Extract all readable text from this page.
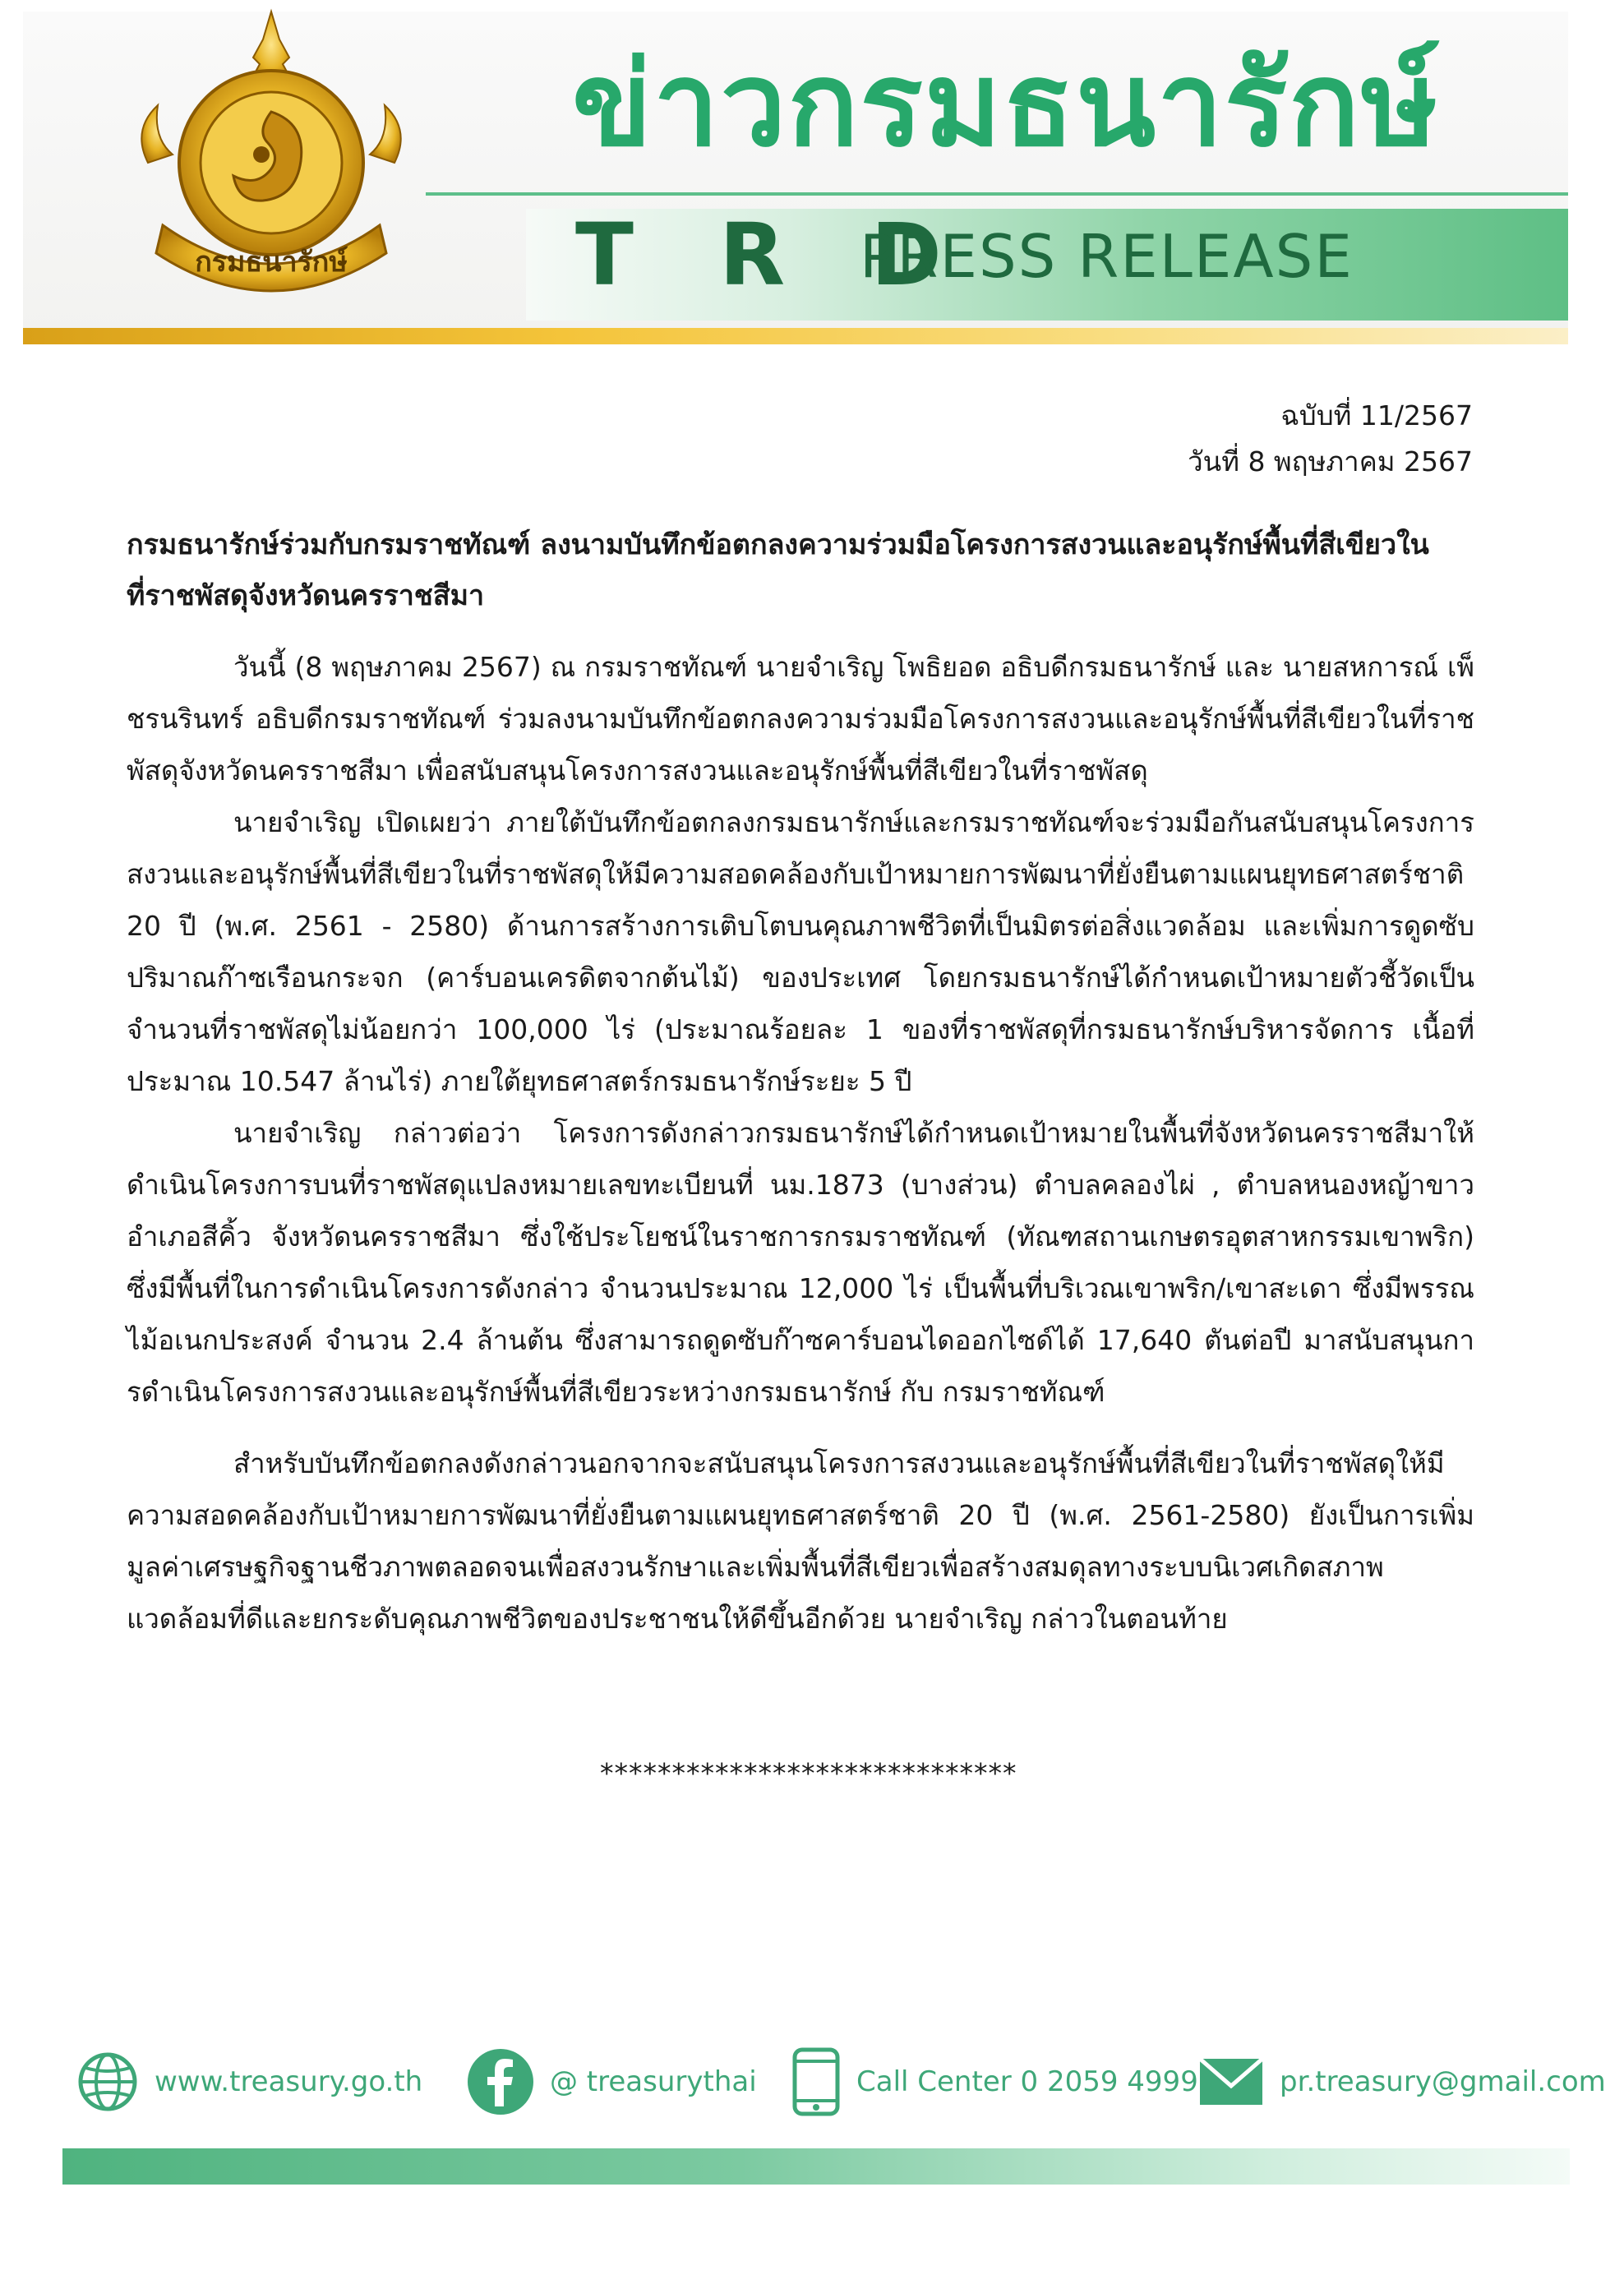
ข่าวกรมธนารักษ์
T R D
PRESS RELEASE
กรมธนารักษ์
ฉบับที่ 11/2567
วันที่ 8 พฤษภาคม 2567
กรมธนารักษ์ร่วมกับกรมราชทัณฑ์ ลงนามบันทึกข้อตกลงความร่วมมือโครงการสงวนและอนุรักษ์พื้นที่สีเขียวใน
ที่ราชพัสดุจังหวัดนครราชสีมา

วันนี้ (8 พฤษภาคม 2567) ณ กรมราชทัณฑ์ นายจำเริญ โพธิยอด อธิบดีกรมธนารักษ์ และ นายสหการณ์ เพ็ชรนรินทร์ อธิบดีกรมราชทัณฑ์ ร่วมลงนามบันทึกข้อตกลงความร่วมมือโครงการสงวนและอนุรักษ์พื้นที่สีเขียวในที่ราชพัสดุจังหวัดนครราชสีมา เพื่อสนับสนุนโครงการสงวนและอนุรักษ์พื้นที่สีเขียวในที่ราชพัสดุ

นายจำเริญ เปิดเผยว่า ภายใต้บันทึกข้อตกลงกรมธนารักษ์และกรมราชทัณฑ์จะร่วมมือกันสนับสนุนโครงการสงวนและอนุรักษ์พื้นที่สีเขียวในที่ราชพัสดุให้มีความสอดคล้องกับเป้าหมายการพัฒนาที่ยั่งยืนตามแผนยุทธศาสตร์ชาติ 20 ปี (พ.ศ. 2561 - 2580) ด้านการสร้างการเติบโตบนคุณภาพชีวิตที่เป็นมิตรต่อสิ่งแวดล้อม และเพิ่มการดูดซับปริมาณก๊าซเรือนกระจก (คาร์บอนเครดิตจากต้นไม้) ของประเทศ โดยกรมธนารักษ์ได้กำหนดเป้าหมายตัวชี้วัดเป็นจำนวนที่ราชพัสดุไม่น้อยกว่า 100,000 ไร่ (ประมาณร้อยละ 1 ของที่ราชพัสดุที่กรมธนารักษ์บริหารจัดการ เนื้อที่ประมาณ 10.547 ล้านไร่) ภายใต้ยุทธศาสตร์กรมธนารักษ์ระยะ 5 ปี

นายจำเริญ กล่าวต่อว่า โครงการดังกล่าวกรมธนารักษ์ได้กำหนดเป้าหมายในพื้นที่จังหวัดนครราชสีมาให้ดำเนินโครงการบนที่ราชพัสดุแปลงหมายเลขทะเบียนที่ นม.1873 (บางส่วน) ตำบลคลองไผ่ , ตำบลหนองหญ้าขาว อำเภอสีคิ้ว จังหวัดนครราชสีมา ซึ่งใช้ประโยชน์ในราชการกรมราชทัณฑ์ (ทัณฑสถานเกษตรอุตสาหกรรมเขาพริก) ซึ่งมีพื้นที่ในการดำเนินโครงการดังกล่าว จำนวนประมาณ 12,000 ไร่ เป็นพื้นที่บริเวณเขาพริก/เขาสะเดา ซึ่งมีพรรณไม้อเนกประสงค์ จำนวน 2.4 ล้านต้น ซึ่งสามารถดูดซับก๊าซคาร์บอนไดออกไซด์ได้ 17,640 ตันต่อปี มาสนับสนุนการดำเนินโครงการสงวนและอนุรักษ์พื้นที่สีเขียวระหว่างกรมธนารักษ์ กับ กรมราชทัณฑ์

สำหรับบันทึกข้อตกลงดังกล่าวนอกจากจะสนับสนุนโครงการสงวนและอนุรักษ์พื้นที่สีเขียวในที่ราชพัสดุให้มีความสอดคล้องกับเป้าหมายการพัฒนาที่ยั่งยืนตามแผนยุทธศาสตร์ชาติ 20 ปี (พ.ศ. 2561-2580) ยังเป็นการเพิ่มมูลค่าเศรษฐกิจฐานชีวภาพตลอดจนเพื่อสงวนรักษาและเพิ่มพื้นที่สีเขียวเพื่อสร้างสมดุลทางระบบนิเวศเกิดสภาพแวดล้อมที่ดีและยกระดับคุณภาพชีวิตของประชาชนให้ดีขึ้นอีกด้วย นายจำเริญ กล่าวในตอนท้าย

*****************************
www.treasury.go.th	@ treasurythai	Call Center 0 2059 4999	pr.treasury@gmail.com
